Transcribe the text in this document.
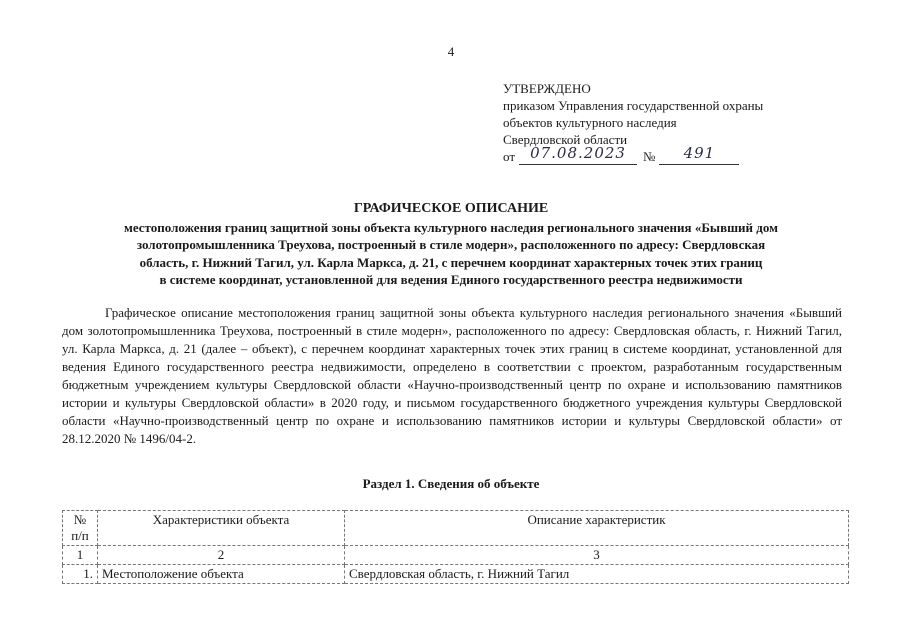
4
УТВЕРЖДЕНО
приказом Управления государственной охраны
объектов культурного наследия
Свердловской области
от	07.08.2023	№	491
ГРАФИЧЕСКОЕ ОПИСАНИЕ
местоположения границ защитной зоны объекта культурного наследия регионального значения «Бывший дом
золотопромышленника Треухова, построенный в стиле модерн», расположенного по адресу: Свердловская
область, г. Нижний Тагил, ул. Карла Маркса, д. 21, с перечнем координат характерных точек этих границ
в системе координат, установленной для ведения Единого государственного реестра недвижимости

Графическое описание местоположения границ защитной зоны объекта культурного наследия регионального значения «Бывший дом золотопромышленника Треухова, построенный в стиле модерн», расположенного по адресу: Свердловская область, г. Нижний Тагил, ул. Карла Маркса, д. 21 (далее – объект), с перечнем координат характерных точек этих границ в системе координат, установленной для ведения Единого государственного реестра недвижимости, определено в соответствии с проектом, разработанным государственным бюджетным учреждением культуры Свердловской области «Научно-производственный центр по охране и использованию памятников истории и культуры Свердловской области» в 2020 году, и письмом государственного бюджетного учреждения культуры Свердловской области «Научно-производственный центр по охране и использованию памятников истории и культуры Свердловской области» от 28.12.2020 № 1496/04-2.

Раздел 1. Сведения об объекте
№
п/п	Характеристики объекта	Описание характеристик
1	2	3
1.	Местоположение объекта	Свердловская область, г. Нижний Тагил
